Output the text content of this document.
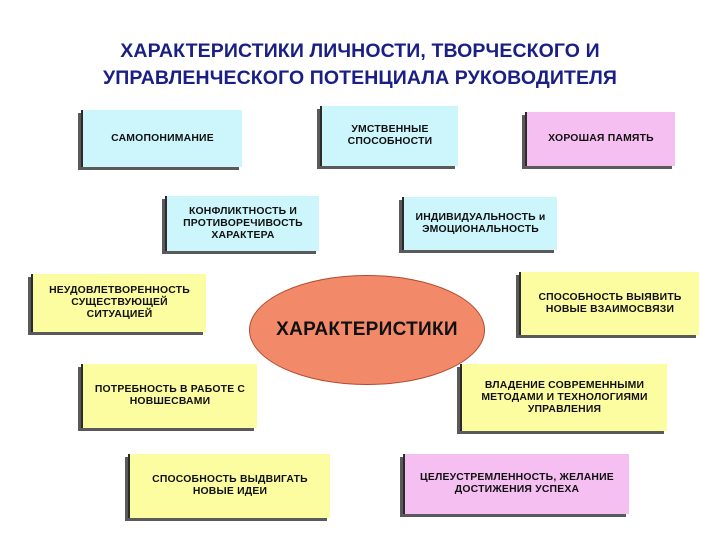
ХАРАКТЕРИСТИКИ ЛИЧНОСТИ, ТВОРЧЕСКОГО И
УПРАВЛЕНЧЕСКОГО ПОТЕНЦИАЛА РУКОВОДИТЕЛЯ
САМОПОНИМАНИЕ
УМСТВЕННЫЕ СПОСОБНОСТИ	ХОРОШАЯ ПАМЯТЬ
КОНФЛИКТНОСТЬ И ПРОТИВОРЕЧИВОСТЬ ХАРАКТЕРА
ИНДИВИДУАЛЬНОСТЬ и ЭМОЦИОНАЛЬНОСТЬ
НЕУДОВЛЕТВОРЕННОСТЬ СУЩЕСТВУЮЩЕЙ СИТУАЦИЕЙ
СПОСОБНОСТЬ ВЫЯВИТЬ НОВЫЕ ВЗАИМОСВЯЗИ
ПОТРЕБНОСТЬ В РАБОТЕ С НОВШЕСВАМИ
ВЛАДЕНИЕ СОВРЕМЕННЫМИ МЕТОДАМИ И ТЕХНОЛОГИЯМИ УПРАВЛЕНИЯ
СПОСОБНОСТЬ ВЫДВИГАТЬ НОВЫЕ ИДЕИ
ЦЕЛЕУСТРЕМЛЕННОСТЬ, ЖЕЛАНИЕ ДОСТИЖЕНИЯ УСПЕХА
ХАРАКТЕРИСТИКИ
